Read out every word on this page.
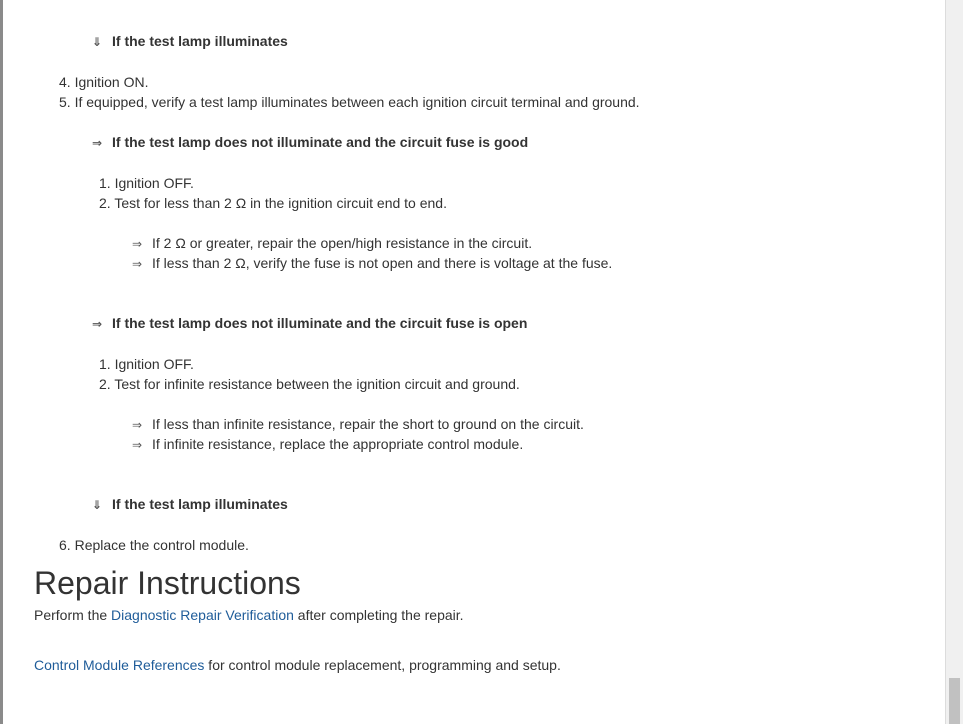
⇓ If the test lamp illuminates
4. Ignition ON.
5. If equipped, verify a test lamp illuminates between each ignition circuit terminal and ground.
⇒ If the test lamp does not illuminate and the circuit fuse is good
1. Ignition OFF.
2. Test for less than 2 Ω in the ignition circuit end to end.
⇒ If 2 Ω or greater, repair the open/high resistance in the circuit.
⇒ If less than 2 Ω, verify the fuse is not open and there is voltage at the fuse.
⇒ If the test lamp does not illuminate and the circuit fuse is open
1. Ignition OFF.
2. Test for infinite resistance between the ignition circuit and ground.
⇒ If less than infinite resistance, repair the short to ground on the circuit.
⇒ If infinite resistance, replace the appropriate control module.
⇓ If the test lamp illuminates
6. Replace the control module.
Repair Instructions
Perform the Diagnostic Repair Verification after completing the repair.
Control Module References for control module replacement, programming and setup.
